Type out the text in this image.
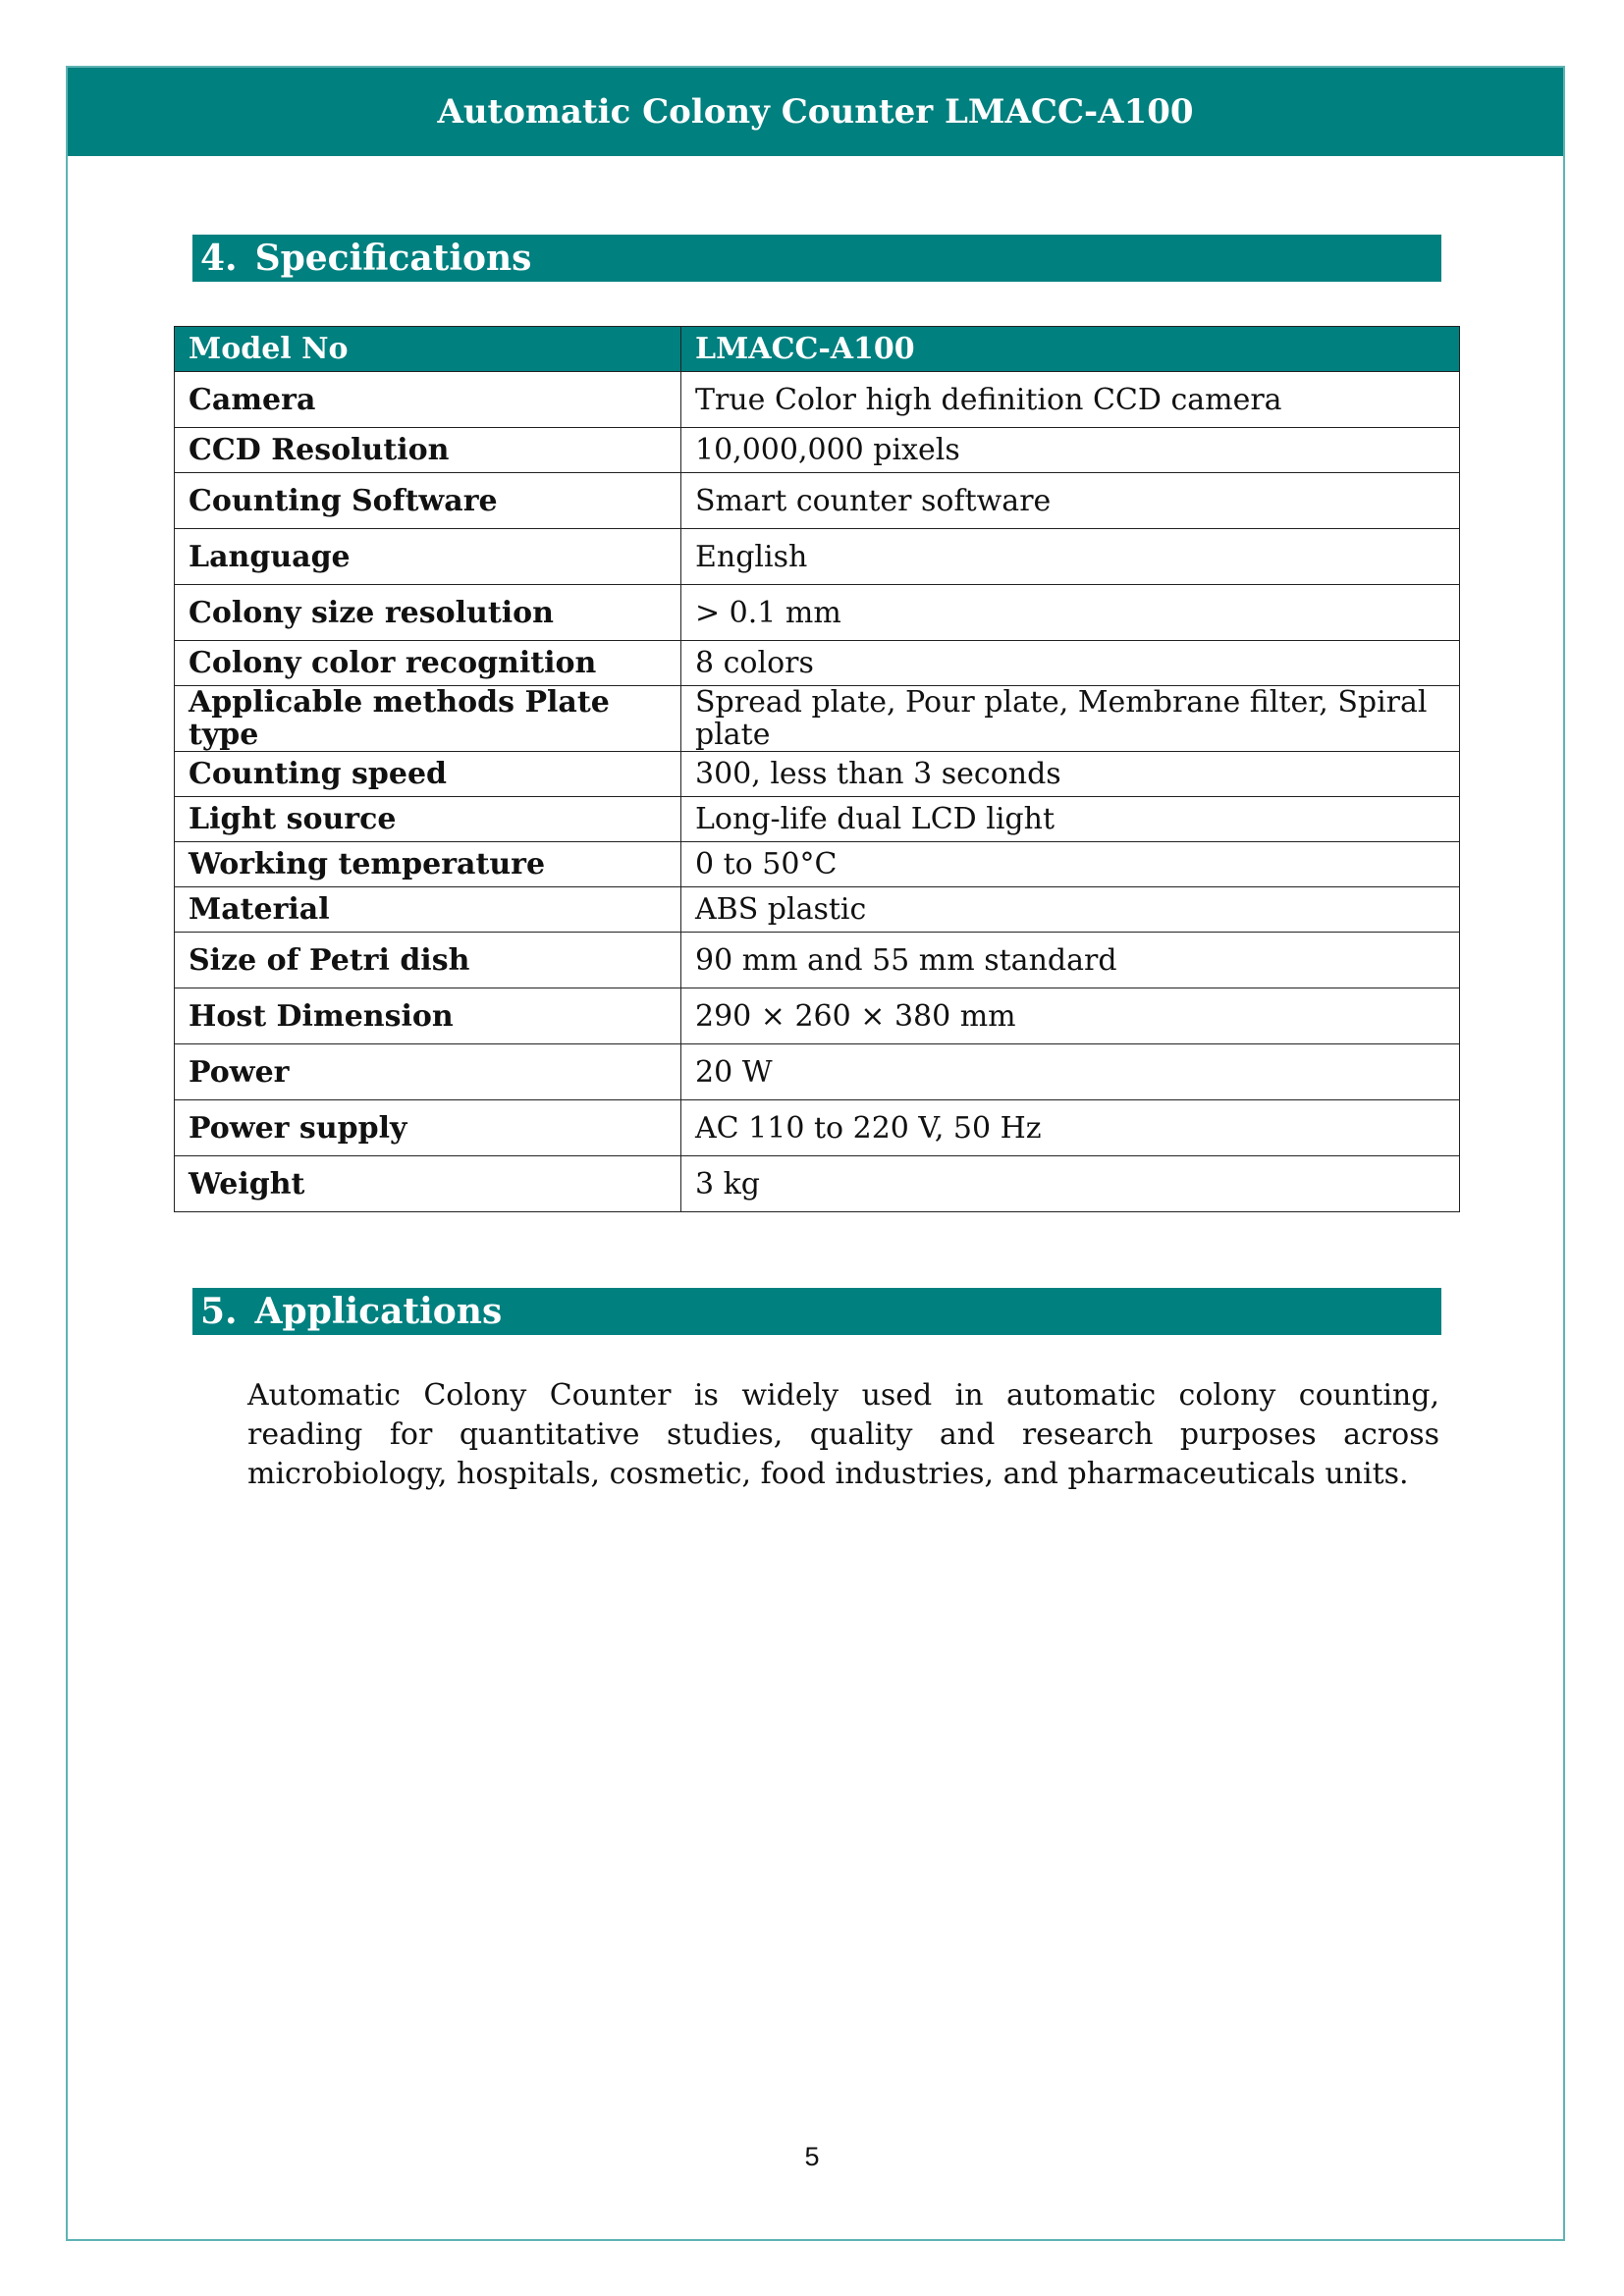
Automatic Colony Counter LMACC-A100
4. Specifications
Model No	LMACC-A100
Camera	True Color high definition CCD camera
CCD Resolution	10,000,000 pixels
Counting Software	Smart counter software
Language	English
Colony size resolution	> 0.1 mm
Colony color recognition	8 colors
Applicable methods Plate type	Spread plate, Pour plate, Membrane filter, Spiral plate
Counting speed	300, less than 3 seconds
Light source	Long-life dual LCD light
Working temperature	0 to 50°C
Material	ABS plastic
Size of Petri dish	90 mm and 55 mm standard
Host Dimension	290 × 260 × 380 mm
Power	20 W
Power supply	AC 110 to 220 V, 50 Hz
Weight	3 kg
5. Applications
Automatic Colony Counter is widely used in automatic colony counting, reading for quantitative studies, quality and research purposes across microbiology, hospitals, cosmetic, food industries, and pharmaceuticals units.
5
